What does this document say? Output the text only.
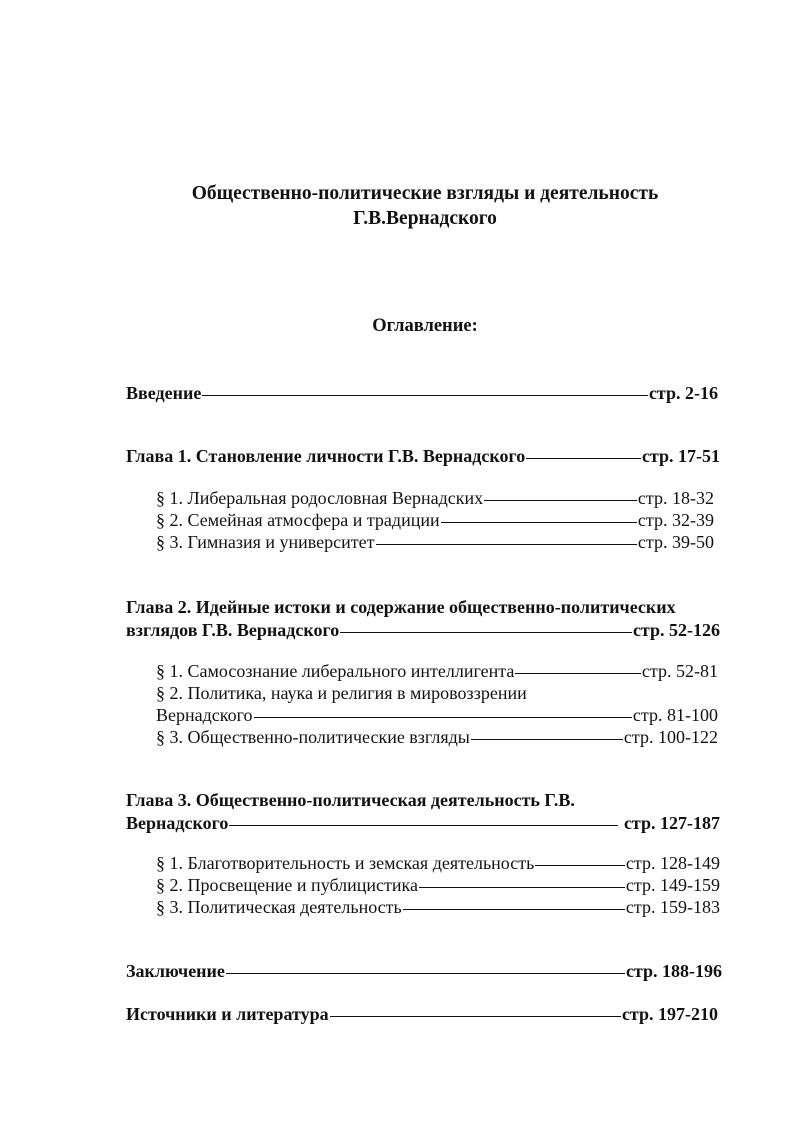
Общественно-политические взгляды и деятельность
Г.В.Вернадского
Оглавление:
Введение	стр. 2-16
Глава 1. Становление личности Г.В. Вернадского	стр. 17-51
§ 1. Либеральная родословная Вернадских	стр. 18-32
§ 2. Семейная атмосфера и традиции	стр. 32-39
§ 3. Гимназия и университет	стр. 39-50
Глава 2. Идейные истоки и содержание общественно-политических
взглядов Г.В. Вернадского	стр. 52-126
§ 1. Самосознание либерального интеллигента	стр. 52-81
§ 2. Политика, наука и религия в мировоззрении
Вернадского	стр. 81-100
§ 3. Общественно-политические взгляды	стр. 100-122
Глава 3. Общественно-политическая деятельность Г.В.
Вернадского	стр. 127-187
§ 1. Благотворительность и земская деятельность	стр. 128-149
§ 2. Просвещение и публицистика	стр. 149-159
§ 3. Политическая деятельность	стр. 159-183
Заключение	стр. 188-196
Источники и литература	стр. 197-210
